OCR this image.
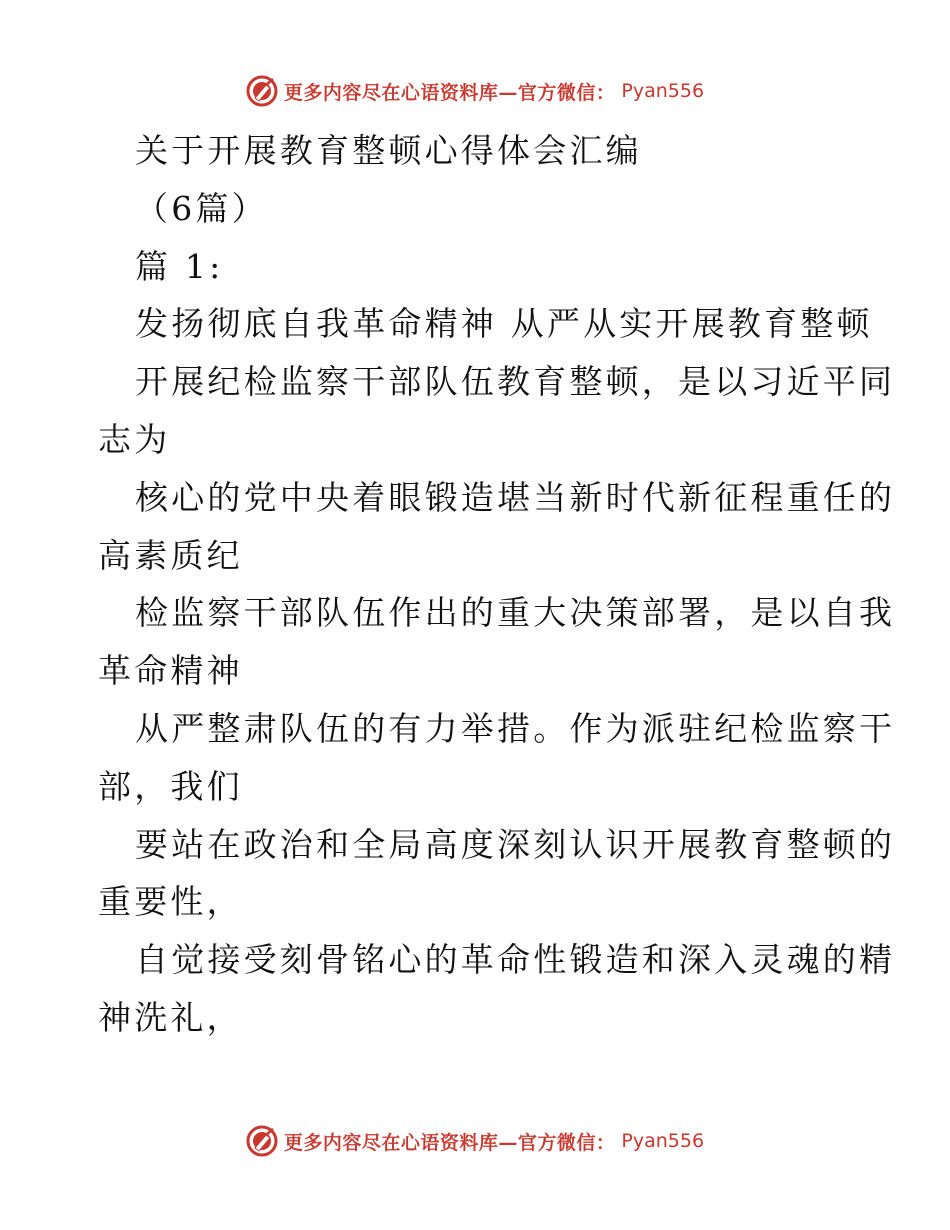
更多内容尽在心语资料库—官方微信： Pyan556
关于开展教育整顿心得体会汇编
（6篇）
篇 1:
发扬彻底自我革命精神 从严从实开展教育整顿
开展纪检监察干部队伍教育整顿，是以习近平同
志为
核心的党中央着眼锻造堪当新时代新征程重任的
高素质纪
检监察干部队伍作出的重大决策部署，是以自我
革命精神
从严整肃队伍的有力举措。作为派驻纪检监察干
部，我们
要站在政治和全局高度深刻认识开展教育整顿的
重要性，
自觉接受刻骨铭心的革命性锻造和深入灵魂的精
神洗礼，
更多内容尽在心语资料库—官方微信： Pyan556
